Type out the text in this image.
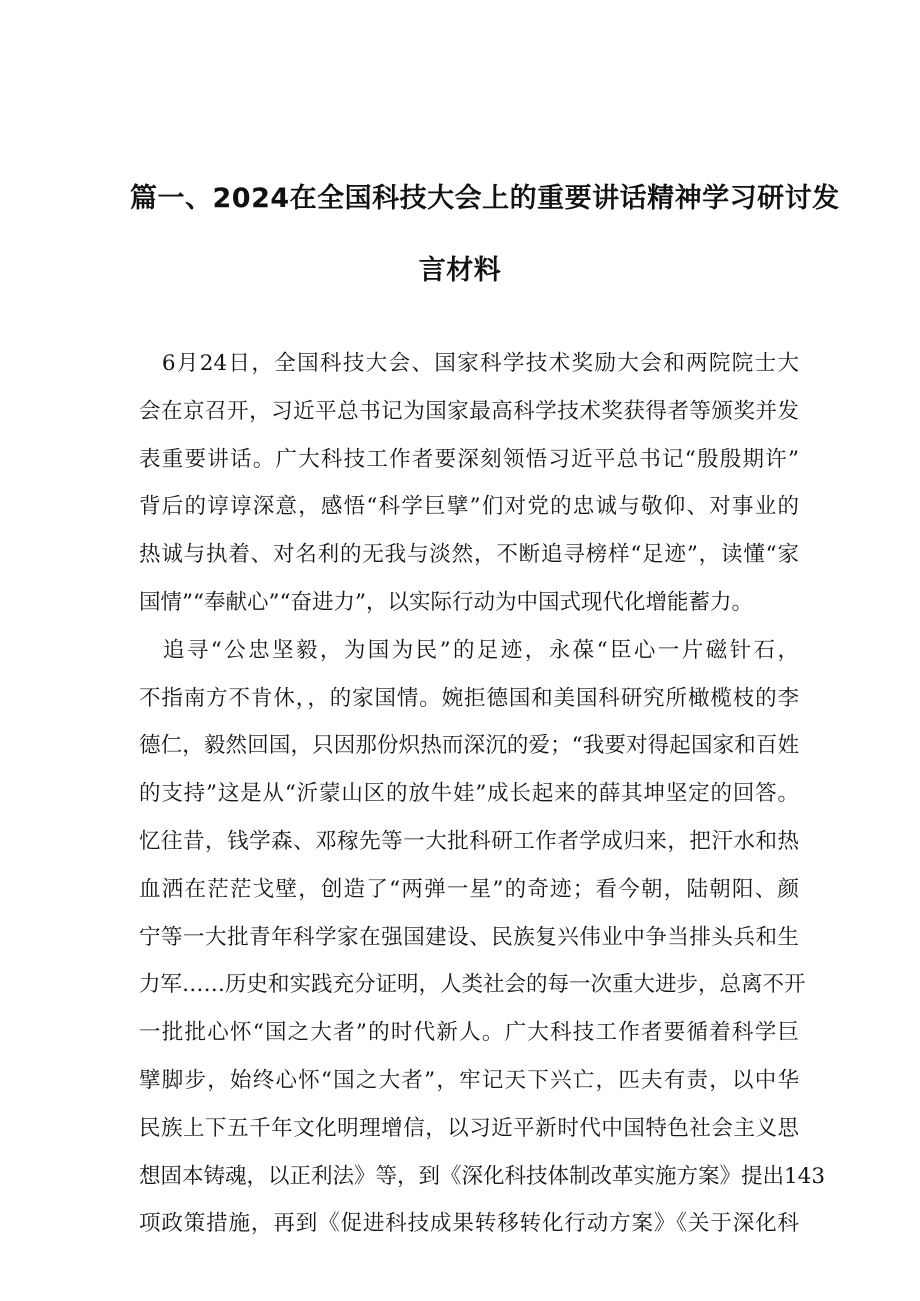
篇一、2024在全国科技大会上的重要讲话精神学习研讨发
言材料
　6月24日，全国科技大会、国家科学技术奖励大会和两院院士大
会在京召开，习近平总书记为国家最高科学技术奖获得者等颁奖并发
表重要讲话。广大科技工作者要深刻领悟习近平总书记“殷殷期许”
背后的谆谆深意，感悟“科学巨擘”们对党的忠诚与敬仰、对事业的
热诚与执着、对名利的无我与淡然，不断追寻榜样“足迹”，读懂“家
国情”“奉献心”“奋进力”，以实际行动为中国式现代化增能蓄力。
　追寻“公忠坚毅，为国为民”的足迹，永葆“臣心一片磁针石，
不指南方不肯休，，的家国情。婉拒德国和美国科研究所橄榄枝的李
德仁，毅然回国，只因那份炽热而深沉的爱；“我要对得起国家和百姓
的支持”这是从“沂蒙山区的放牛娃”成长起来的薛其坤坚定的回答。
忆往昔，钱学森、邓稼先等一大批科研工作者学成归来，把汗水和热
血洒在茫茫戈壁，创造了“两弹一星”的奇迹；看今朝，陆朝阳、颜
宁等一大批青年科学家在强国建设、民族复兴伟业中争当排头兵和生
力军……历史和实践充分证明，人类社会的每一次重大进步，总离不开
一批批心怀“国之大者”的时代新人。广大科技工作者要循着科学巨
擘脚步，始终心怀“国之大者”，牢记天下兴亡，匹夫有责，以中华
民族上下五千年文化明理增信，以习近平新时代中国特色社会主义思
想固本铸魂，以正利法》等，到《深化科技体制改革实施方案》提出143
项政策措施，再到《促进科技成果转移转化行动方案》《关于深化科
